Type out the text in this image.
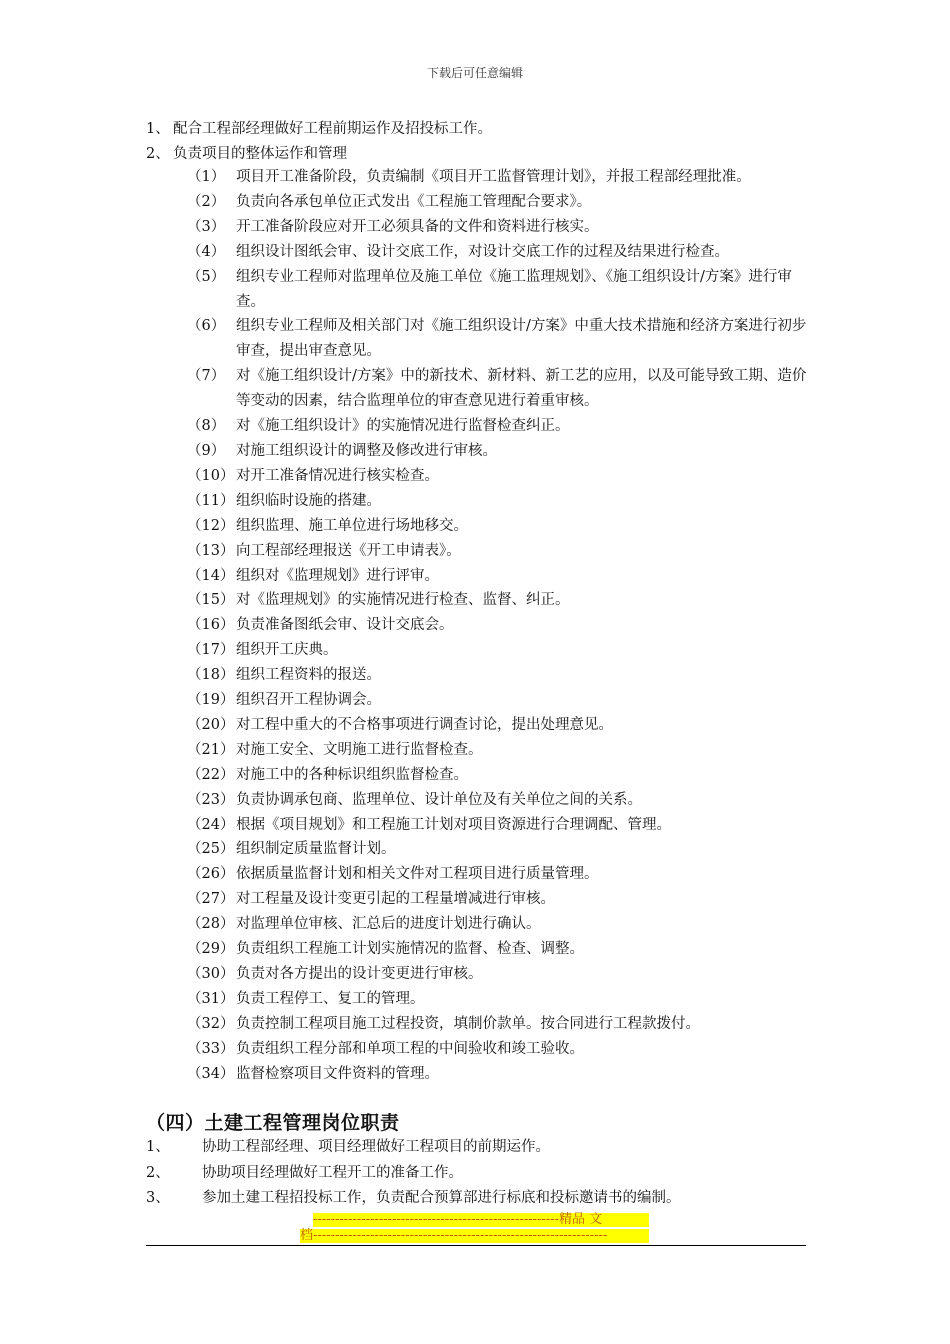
下载后可任意编辑
1、 配合工程部经理做好工程前期运作及招投标工作。
2、 负责项目的整体运作和管理
（1） 项目开工准备阶段，负责编制《项目开工监督管理计划》，并报工程部经理批准。
（2） 负责向各承包单位正式发出《工程施工管理配合要求》。
（3） 开工准备阶段应对开工必须具备的文件和资料进行核实。
（4） 组织设计图纸会审、设计交底工作，对设计交底工作的过程及结果进行检查。
（5） 组织专业工程师对监理单位及施工单位《施工监理规划》、《施工组织设计/方案》进行审查。
（6） 组织专业工程师及相关部门对《施工组织设计/方案》中重大技术措施和经济方案进行初步审查，提出审查意见。
（7） 对《施工组织设计/方案》中的新技术、新材料、新工艺的应用，以及可能导致工期、造价等变动的因素，结合监理单位的审查意见进行着重审核。
（8） 对《施工组织设计》的实施情况进行监督检查纠正。
（9） 对施工组织设计的调整及修改进行审核。
（10） 对开工准备情况进行核实检查。
（11） 组织临时设施的搭建。
（12） 组织监理、施工单位进行场地移交。
（13） 向工程部经理报送《开工申请表》。
（14） 组织对《监理规划》进行评审。
（15） 对《监理规划》的实施情况进行检查、监督、纠正。
（16） 负责准备图纸会审、设计交底会。
（17） 组织开工庆典。
（18） 组织工程资料的报送。
（19） 组织召开工程协调会。
（20） 对工程中重大的不合格事项进行调查讨论，提出处理意见。
（21） 对施工安全、文明施工进行监督检查。
（22） 对施工中的各种标识组织监督检查。
（23） 负责协调承包商、监理单位、设计单位及有关单位之间的关系。
（24） 根据《项目规划》和工程施工计划对项目资源进行合理调配、管理。
（25） 组织制定质量监督计划。
（26） 依据质量监督计划和相关文件对工程项目进行质量管理。
（27） 对工程量及设计变更引起的工程量增减进行审核。
（28） 对监理单位审核、汇总后的进度计划进行确认。
（29） 负责组织工程施工计划实施情况的监督、检查、调整。
（30） 负责对各方提出的设计变更进行审核。
（31） 负责工程停工、复工的管理。
（32） 负责控制工程项目施工过程投资，填制价款单。按合同进行工程款拨付。
（33） 负责组织工程分部和单项工程的中间验收和竣工验收。
（34） 监督检察项目文件资料的管理。
（四）土建工程管理岗位职责
1、 协助工程部经理、项目经理做好工程项目的前期运作。
2、 协助项目经理做好工程开工的准备工作。
3、 参加土建工程招投标工作，负责配合预算部进行标底和投标邀请书的编制。
--------------------------------------------------------精品 文
档-------------------------------------------------------------------
